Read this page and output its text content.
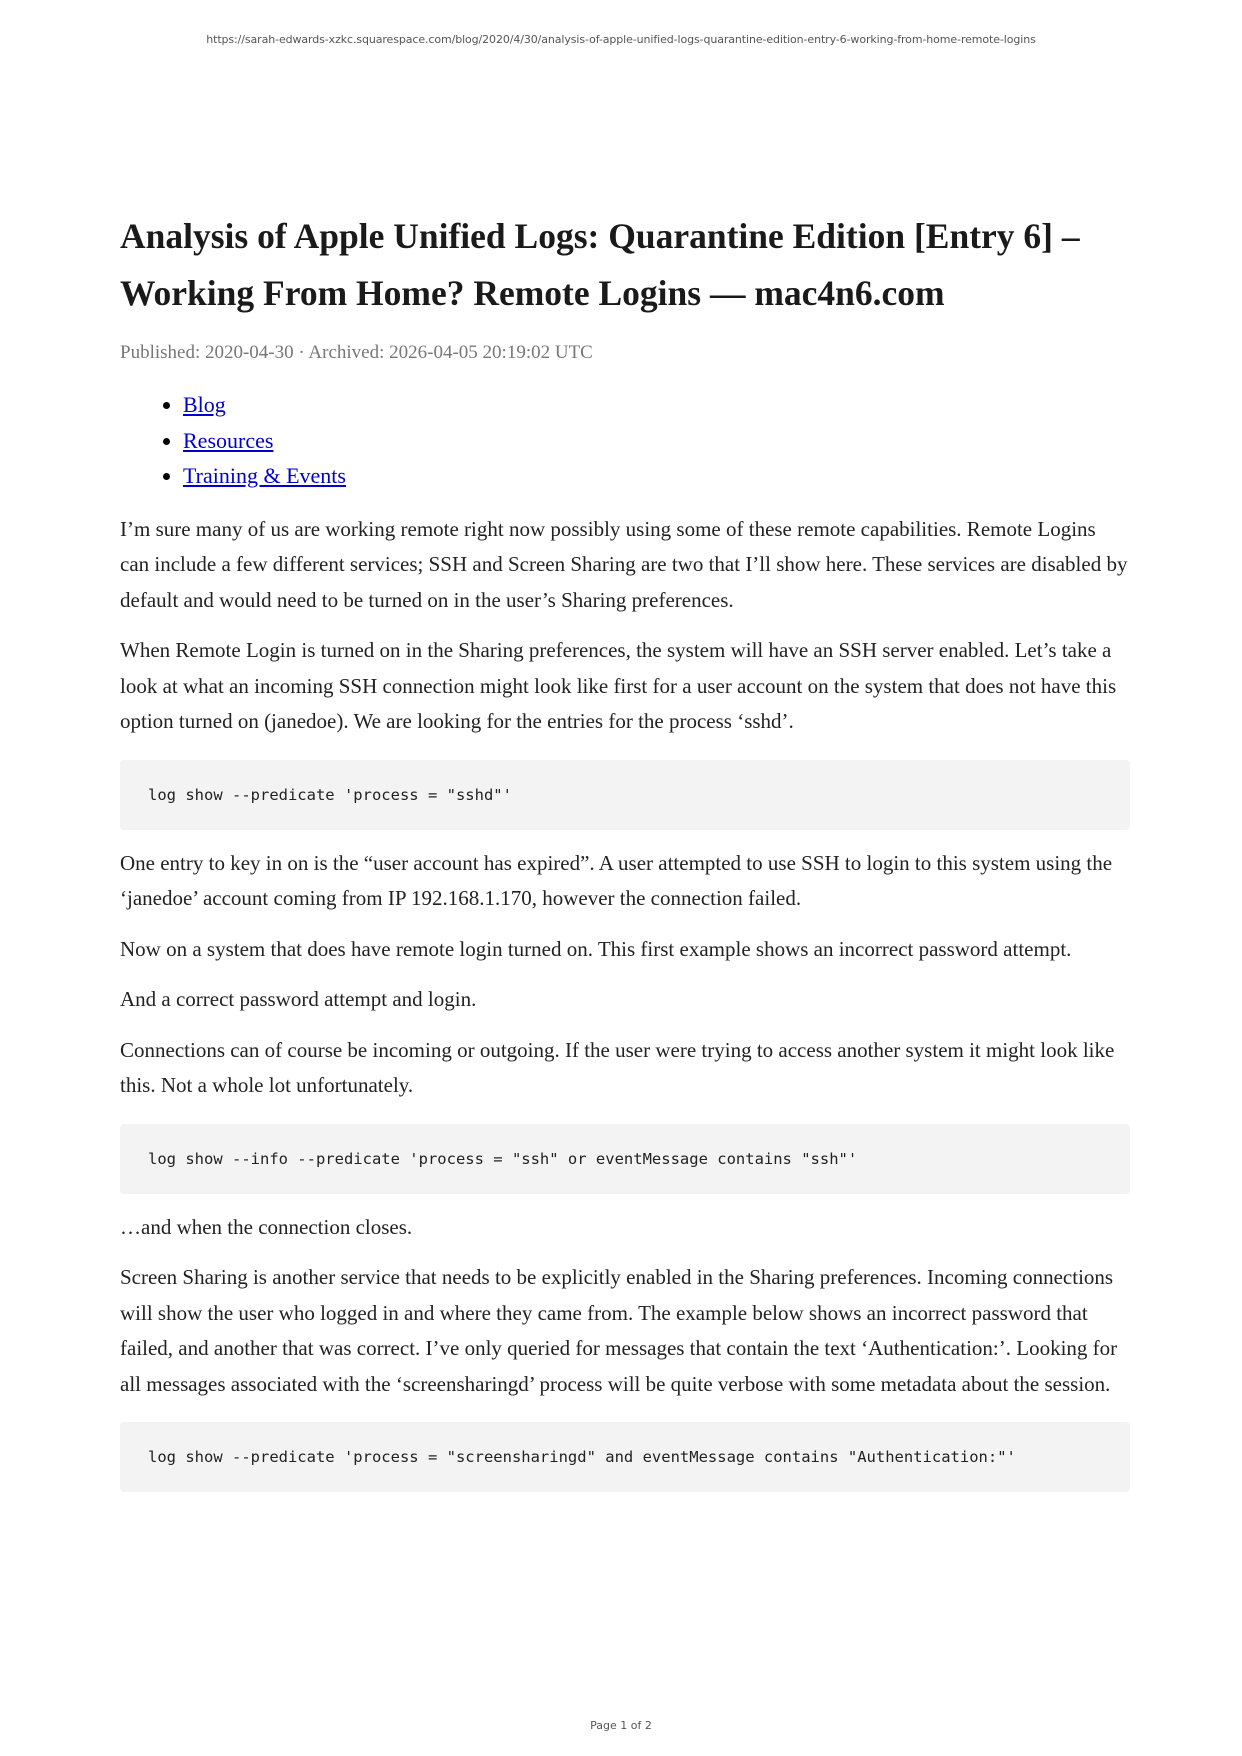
https://sarah-edwards-xzkc.squarespace.com/blog/2020/4/30/analysis-of-apple-unified-logs-quarantine-edition-entry-6-working-from-home-remote-logins
Analysis of Apple Unified Logs: Quarantine Edition [Entry 6] –
Working From Home? Remote Logins — mac4n6.com
Published: 2020-04-30 · Archived: 2026-04-05 20:19:02 UTC
• Blog
• Resources
• Training & Events

I’m sure many of us are working remote right now possibly using some of these remote capabilities. Remote Logins can include a few different services; SSH and Screen Sharing are two that I’ll show here. These services are disabled by default and would need to be turned on in the user’s Sharing preferences.

When Remote Login is turned on in the Sharing preferences, the system will have an SSH server enabled. Let’s take a look at what an incoming SSH connection might look like first for a user account on the system that does not have this option turned on (janedoe). We are looking for the entries for the process ‘sshd’.

log show --predicate 'process = "sshd"'

One entry to key in on is the “user account has expired”. A user attempted to use SSH to login to this system using the ‘janedoe’ account coming from IP 192.168.1.170, however the connection failed.

Now on a system that does have remote login turned on. This first example shows an incorrect password attempt.

And a correct password attempt and login.

Connections can of course be incoming or outgoing. If the user were trying to access another system it might look like this. Not a whole lot unfortunately.

log show --info --predicate 'process = "ssh" or eventMessage contains "ssh"'

…and when the connection closes.

Screen Sharing is another service that needs to be explicitly enabled in the Sharing preferences. Incoming connections will show the user who logged in and where they came from. The example below shows an incorrect password that failed, and another that was correct. I’ve only queried for messages that contain the text ‘Authentication:’. Looking for all messages associated with the ‘screensharingd’ process will be quite verbose with some metadata about the session.

log show --predicate 'process = "screensharingd" and eventMessage contains "Authentication:"'
Page 1 of 2
